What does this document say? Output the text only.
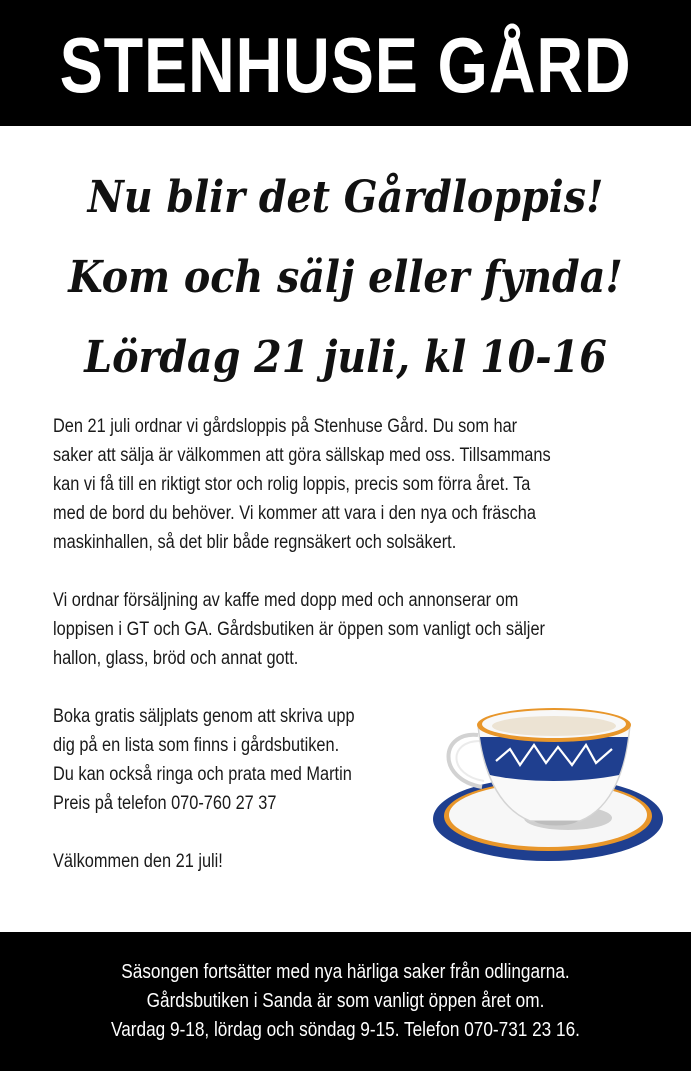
STENHUSE GÅRD
Nu blir det Gårdloppis!
Kom och sälj eller fynda!
Lördag 21 juli, kl 10-16

Den 21 juli ordnar vi gårdsloppis på Stenhuse Gård. Du som har
saker att sälja är välkommen att göra sällskap med oss. Tillsammans
kan vi få till en riktigt stor och rolig loppis, precis som förra året. Ta
med de bord du behöver. Vi kommer att vara i den nya och fräscha
maskinhallen, så det blir både regnsäkert och solsäkert.

Vi ordnar försäljning av kaffe med dopp med och annonserar om
loppisen i GT och GA. Gårdsbutiken är öppen som vanligt och säljer
hallon, glass, bröd och annat gott.

Boka gratis säljplats genom att skriva upp
dig på en lista som finns i gårdsbutiken.
Du kan också ringa och prata med Martin
Preis på telefon 070-760 27 37

Välkommen den 21 juli!

Säsongen fortsätter med nya härliga saker från odlingarna.
Gårdsbutiken i Sanda är som vanligt öppen året om.
Vardag 9-18, lördag och söndag 9-15. Telefon 070-731 23 16.
